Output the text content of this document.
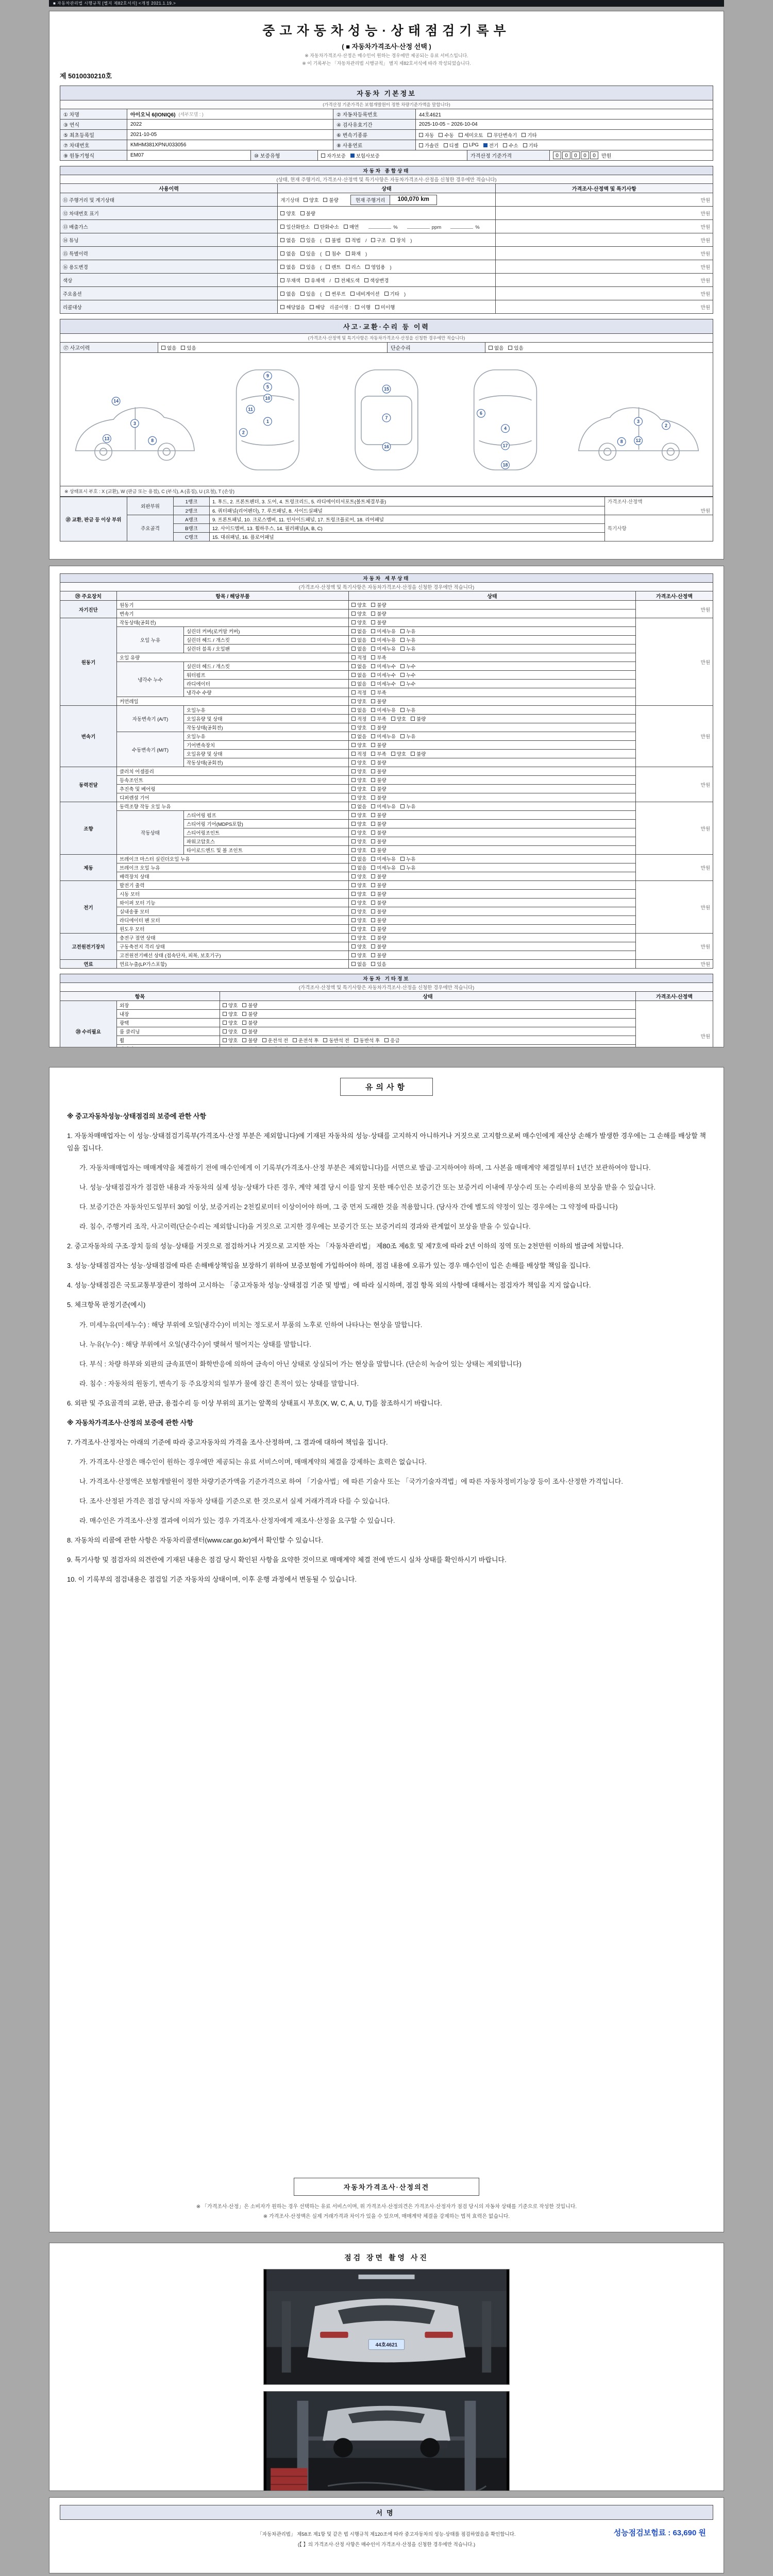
■ 자동차관리법 시행규칙 [별지 제82호서식] <개정 2021.1.19.>
중고자동차성능·상태점검기록부
( ■ 자동차가격조사·산정 선택 )
※ 자동차가격조사·산정은 매수인이 원하는 경우에만 제공되는 유료 서비스입니다.
※ 이 기록부는 「자동차관리법 시행규칙」 별지 제82호서식에 따라 작성되었습니다.
제 5010030210호
자동차 기본정보
(가격산정 기준가격은 보험개발원이 정한 차량기준가액을 말합니다)
① 차명	아이오닉 6(IONIQ6) (세부모델 : )	② 자동차등록번호	44호4621
③ 연식	2022	④ 검사유효기간	2025-10-05 ~ 2026-10-04
⑤ 최초등록일	2021-10-05	⑥ 변속기종류	자동 수동 세미오토 무단변속기 기타
⑦ 차대번호	KMHM381XPNU033056	⑧ 사용연료	가솔린 디젤 LPG 전기 수소 기타
⑨ 원동기형식	EM07	⑩ 보증유형	자가보증 보험사보증	가격산정 기준가격	0 0 0 0 0	만원
자동차 종합상태		
(상태, 현재 주행거리, 가격조사·산정액 및 특기사항은 자동차가격조사·산정을 신청한 경우에만 적습니다)		
사용이력	상태	가격조사·산정액 및 특기사항
⑪ 주행거리 및 계기상태	계기상태 양호 불량 현재 주행거리 100,070 km	만원
⑫ 차대번호 표기	양호 불량	만원
⑬ 배출가스	일산화탄소 탄화수소 매연 % ppm %	만원
⑭ 튜닝	없음 있음 ( 불법 적법 / 구조 장치 )	만원
⑮ 특별이력	없음 있음 ( 침수 화재 )	만원
⑯ 용도변경	없음 있음 ( 렌트 리스 영업용 )	만원
색상	무채색 유채색 / 전체도색 색상변경	만원
주요옵션	없음 있음 ( 썬루프 네비게이션 기타 )	만원
리콜대상	해당없음 해당 리콜이행 : 이행 미이행	만원
사고·교환·수리 등 이력
(가격조사·산정액 및 특기사항은 자동차가격조사·산정을 신청한 경우에만 적습니다)
⑰ 사고이력	없음 있음	단순수리	없음 있음
14
3
13	8
9
5
10
11
1
2
15
7
16
6
4
17
18
3
12
2
8
※ 상태표시 부호 : X (교환), W (판금 또는 용접), C (부식), A (흠집), U (요철), T (손상)
⑱ 교환, 판금 등 이상 부위	외판부위	1랭크	1. 후드, 2. 프론트펜더, 3. 도어, 4. 트렁크리드, 5. 라디에이터서포트(볼트체결부품)	가격조사·산정액
만원

		2랭크	6. 쿼터패널(리어펜더), 7. 루프패널, 8. 사이드실패널	
	주요골격	A랭크	9. 프론트패널, 10. 크로스멤버, 11. 인사이드패널, 17. 트렁크플로어, 18. 리어패널	특기사항
		B랭크	12. 사이드멤버, 13. 휠하우스, 14. 필러패널(A, B, C)	
		C랭크	15. 대쉬패널, 16. 플로어패널	
자동차 세부상태				
(가격조사·산정액 및 특기사항은 자동차가격조사·산정을 신청한 경우에만 적습니다)				
⑲ 주요장치	항목 / 해당부품		상태	가격조사·산정액
자기진단	원동기		양호 불량	만원
	변속기		양호 불량	

원동기	작동상태(공회전)		양호 불량	만원
	오일 누유	실린더 커버(로커암 커버)	없음 미세누유 누유	

		실린더 헤드 / 개스킷	없음 미세누유 누유	

		실린더 블록 / 오일팬	없음 미세누유 누유	

	오일 유량		적정 부족	

	냉각수 누수	실린더 헤드 / 개스킷	없음 미세누수 누수	

		워터펌프	없음 미세누수 누수	

		라디에이터	없음 미세누수 누수	

		냉각수 수량	적정 부족	

	커먼레일		양호 불량	

변속기	자동변속기 (A/T)	오일누유	없음 미세누유 누유	만원
		오일유량 및 상태	적정 부족 양호 불량	

		작동상태(공회전)	양호 불량	

	수동변속기 (M/T)	오일누유	없음 미세누유 누유	

		기어변속장치	양호 불량	

		오일유량 및 상태	적정 부족 양호 불량	

		작동상태(공회전)	양호 불량	

동력전달	클러치 어셈블리		양호 불량	만원
	등속조인트		양호 불량	

	추진축 및 베어링		양호 불량	

	디퍼렌셜 기어		양호 불량	

조향	동력조향 작동 오일 누유		없음 미세누유 누유	만원
	작동상태	스티어링 펌프	양호 불량	

		스티어링 기어(MDPS포함)	양호 불량	

		스티어링조인트	양호 불량	

		파워고압호스	양호 불량	

		타이로드엔드 및 볼 조인트	양호 불량	

제동	브레이크 마스터 실린더오일 누유		없음 미세누유 누유	만원
	브레이크 오일 누유		없음 미세누유 누유	

	배력장치 상태		양호 불량	

전기	발전기 출력		양호 불량	만원
	시동 모터		양호 불량	

	와이퍼 모터 기능		양호 불량	

	실내송풍 모터		양호 불량	

	라디에이터 팬 모터		양호 불량	

	윈도우 모터		양호 불량	

고전원전기장치	충전구 절연 상태		양호 불량	만원
	구동축전지 격리 상태		양호 불량	

	고전원전기배선 상태 (접속단자, 피복, 보호기구)		양호 불량	

연료	연료누출(LP가스포함)		없음 있음	만원
자동차 기타정보			
(가격조사·산정액 및 특기사항은 자동차가격조사·산정을 신청한 경우에만 적습니다)			
항목		상태	가격조사·산정액
⑳ 수리필요	외장	양호 불량	만원
	내장	양호 불량	

	광택	양호 불량	

	룸 클리닝	양호 불량	

휠	양호 불량 운전석 전 운전석 후 동반석 전 동반석 후 응급

유의사항
※ 중고자동차성능·상태점검의 보증에 관한 사항
1. 자동차매매업자는 이 성능·상태점검기록부(가격조사·산정 부분은 제외합니다)에 기재된 자동차의 성능·상태를 고지하지 아니하거나 거짓으로 고지함으로써 매수인에게 재산상 손해가 발생한 경우에는 그 손해를 배상할 책임을 집니다.
가. 자동차매매업자는 매매계약을 체결하기 전에 매수인에게 이 기록부(가격조사·산정 부분은 제외합니다)를 서면으로 발급·고지하여야 하며, 그 사본을 매매계약 체결일부터 1년간 보관하여야 합니다.
나. 성능·상태점검자가 점검한 내용과 자동차의 실제 성능·상태가 다른 경우, 계약 체결 당시 이를 알지 못한 매수인은 보증기간 또는 보증거리 이내에 무상수리 또는 수리비용의 보상을 받을 수 있습니다.
다. 보증기간은 자동차인도일부터 30일 이상, 보증거리는 2천킬로미터 이상이어야 하며, 그 중 먼저 도래한 것을 적용합니다. (당사자 간에 별도의 약정이 있는 경우에는 그 약정에 따릅니다)
라. 침수, 주행거리 조작, 사고이력(단순수리는 제외합니다)을 거짓으로 고지한 경우에는 보증기간 또는 보증거리의 경과와 관계없이 보상을 받을 수 있습니다.
2. 중고자동차의 구조·장치 등의 성능·상태를 거짓으로 점검하거나 거짓으로 고지한 자는 「자동차관리법」 제80조 제6호 및 제7호에 따라 2년 이하의 징역 또는 2천만원 이하의 벌금에 처합니다.
3. 성능·상태점검자는 성능·상태점검에 따른 손해배상책임을 보장하기 위하여 보증보험에 가입하여야 하며, 점검 내용에 오류가 있는 경우 매수인이 입은 손해를 배상할 책임을 집니다.
4. 성능·상태점검은 국토교통부장관이 정하여 고시하는 「중고자동차 성능·상태점검 기준 및 방법」에 따라 실시하며, 점검 항목 외의 사항에 대해서는 점검자가 책임을 지지 않습니다.
5. 체크항목 판정기준(예시)
가. 미세누유(미세누수) : 해당 부위에 오일(냉각수)이 비치는 정도로서 부품의 노후로 인하여 나타나는 현상을 말합니다.
나. 누유(누수) : 해당 부위에서 오일(냉각수)이 맺혀서 떨어지는 상태를 말합니다.
다. 부식 : 차량 하부와 외판의 금속표면이 화학반응에 의하여 금속이 아닌 상태로 상실되어 가는 현상을 말합니다. (단순히 녹슬어 있는 상태는 제외합니다)
라. 침수 : 자동차의 원동기, 변속기 등 주요장치의 일부가 물에 잠긴 흔적이 있는 상태를 말합니다.
6. 외판 및 주요골격의 교환, 판금, 용접수리 등 이상 부위의 표기는 앞쪽의 상태표시 부호(X, W, C, A, U, T)를 참조하시기 바랍니다.
※ 자동차가격조사·산정의 보증에 관한 사항
7. 가격조사·산정자는 아래의 기준에 따라 중고자동차의 가격을 조사·산정하며, 그 결과에 대하여 책임을 집니다.
가. 가격조사·산정은 매수인이 원하는 경우에만 제공되는 유료 서비스이며, 매매계약의 체결을 강제하는 효력은 없습니다.
나. 가격조사·산정액은 보험개발원이 정한 차량기준가액을 기준가격으로 하여 「기술사법」에 따른 기술사 또는 「국가기술자격법」에 따른 자동차정비기능장 등이 조사·산정한 가격입니다.
다. 조사·산정된 가격은 점검 당시의 자동차 상태를 기준으로 한 것으로서 실제 거래가격과 다를 수 있습니다.
라. 매수인은 가격조사·산정 결과에 이의가 있는 경우 가격조사·산정자에게 재조사·산정을 요구할 수 있습니다.
8. 자동차의 리콜에 관한 사항은 자동차리콜센터(www.car.go.kr)에서 확인할 수 있습니다.
9. 특기사항 및 점검자의 의견란에 기재된 내용은 점검 당시 확인된 사항을 요약한 것이므로 매매계약 체결 전에 반드시 실차 상태를 확인하시기 바랍니다.
10. 이 기록부의 점검내용은 점검일 기준 자동차의 상태이며, 이후 운행 과정에서 변동될 수 있습니다.
자동차가격조사·산정의견
※ 「가격조사·산정」은 소비자가 원하는 경우 선택하는 유료 서비스이며, 위 가격조사·산정의견은 가격조사·산정자가 점검 당시의 자동차 상태를 기준으로 작성한 것입니다.
※ 가격조사·산정액은 실제 거래가격과 차이가 있을 수 있으며, 매매계약 체결을 강제하는 법적 효력은 없습니다.
점검 장면 촬영 사진
44호4621
서명
성능점검보험료 : 63,690 원
「자동차관리법」 제58조 제1항 및 같은 법 시행규칙 제120조에 따라 중고자동차의 성능·상태를 점검하였음을 확인합니다.
(【 】의 가격조사·산정 사항은 매수인이 가격조사·산정을 신청한 경우에만 적습니다.)
